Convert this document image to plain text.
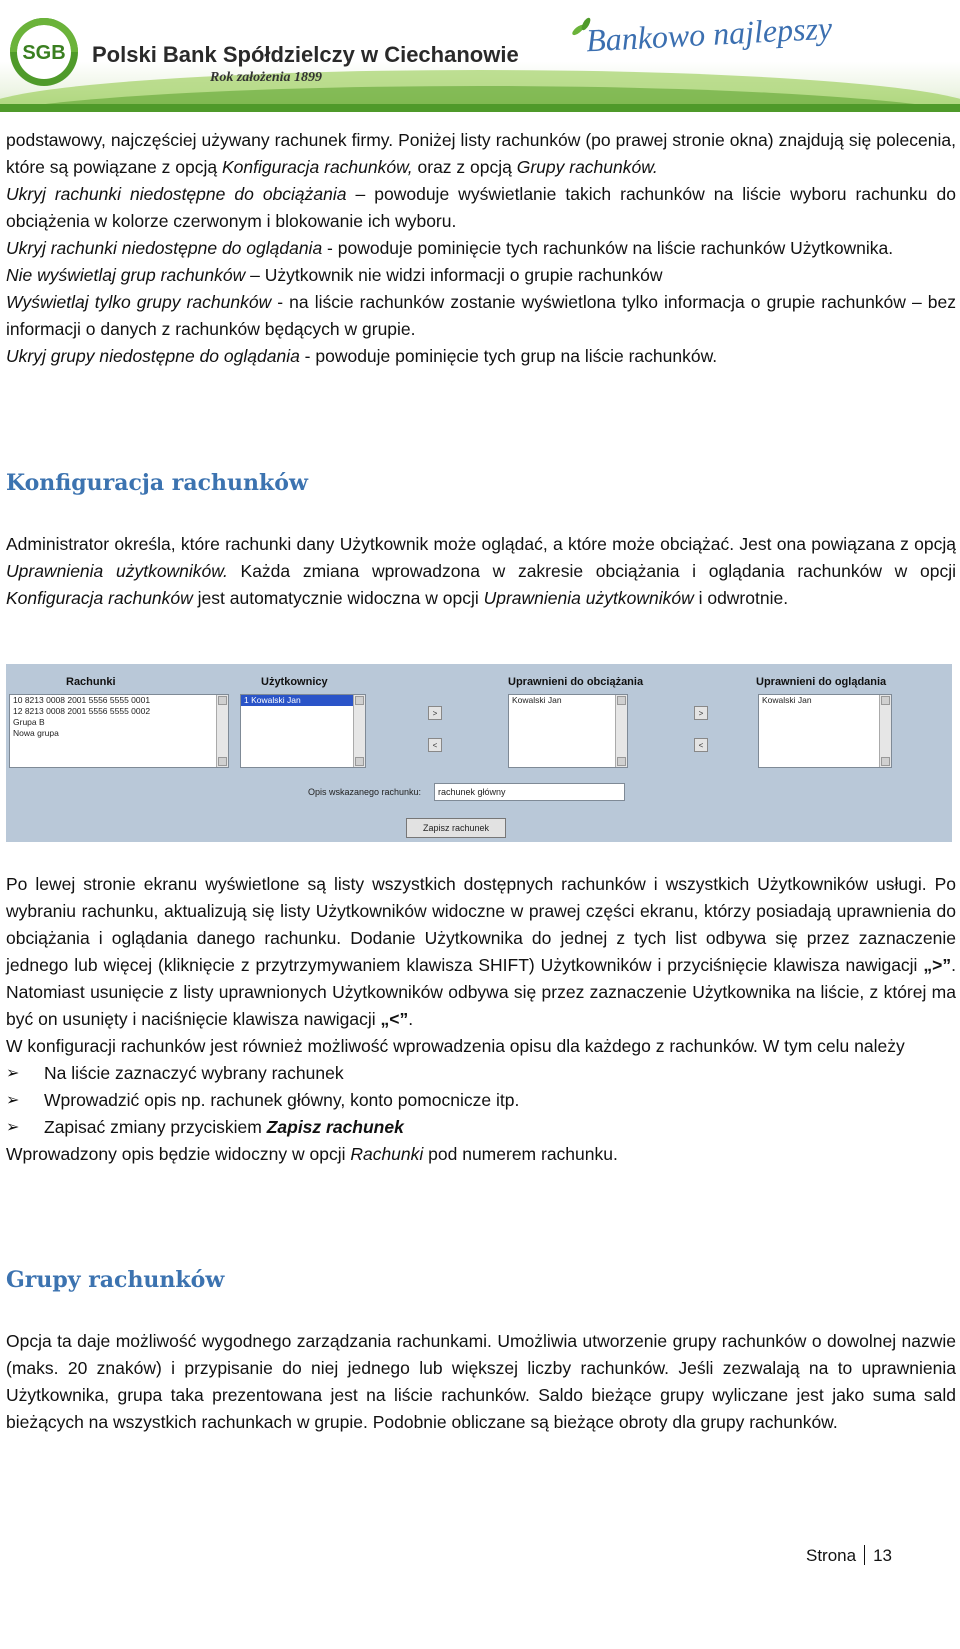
SGB Polski Bank Spółdzielczy w Ciechanowie
Rok założenia 1899
Bankowo najlepszy

podstawowy, najczęściej używany rachunek firmy. Poniżej listy rachunków (po prawej stronie okna) znajdują się polecenia, które są powiązane z opcją Konfiguracja rachunków, oraz z opcją Grupy rachunków.

Ukryj rachunki niedostępne do obciążania – powoduje wyświetlanie takich rachunków na liście wyboru rachunku do obciążenia w kolorze czerwonym i blokowanie ich wyboru.

Ukryj rachunki niedostępne do oglądania - powoduje pominięcie tych rachunków na liście rachunków Użytkownika.

Nie wyświetlaj grup rachunków – Użytkownik nie widzi informacji o grupie rachunków

Wyświetlaj tylko grupy rachunków - na liście rachunków zostanie wyświetlona tylko informacja o grupie rachunków – bez informacji o danych z rachunków będących w grupie.

Ukryj grupy niedostępne do oglądania - powoduje pominięcie tych grup na liście rachunków.

Konfiguracja rachunków

Administrator określa, które rachunki dany Użytkownik może oglądać, a które może obciążać. Jest ona powiązana z opcją Uprawnienia użytkowników. Każda zmiana wprowadzona w zakresie obciążania i oglądania rachunków w opcji Konfiguracja rachunków jest automatycznie widoczna w opcji Uprawnienia użytkowników i odwrotnie.

Rachunki	Użytkownicy	Uprawnieni do obciążania	Uprawnieni do oglądania
10 8213 0008 2001 5556 5555 0001
12 8213 0008 2001 5556 5555 0002
Grupa B
Nowa grupa
1 Kowalski Jan
>
<
Kowalski Jan
>
<
Kowalski Jan
Opis wskazanego rachunku:	rachunek główny
Zapisz rachunek

Po lewej stronie ekranu wyświetlone są listy wszystkich dostępnych rachunków i wszystkich Użytkowników usługi. Po wybraniu rachunku, aktualizują się listy Użytkowników widoczne w prawej części ekranu, którzy posiadają uprawnienia do obciążania i oglądania danego rachunku. Dodanie Użytkownika do jednej z tych list odbywa się przez zaznaczenie jednego lub więcej (kliknięcie z przytrzymywaniem klawisza SHIFT) Użytkowników i przyciśnięcie klawisza nawigacji „>”. Natomiast usunięcie z listy uprawnionych Użytkowników odbywa się przez zaznaczenie Użytkownika na liście, z której ma być on usunięty i naciśnięcie klawisza nawigacji „<”.

W konfiguracji rachunków jest również możliwość wprowadzenia opisu dla każdego z rachunków. W tym celu należy

➢ Na liście zaznaczyć wybrany rachunek
➢ Wprowadzić opis np. rachunek główny, konto pomocnicze itp.
➢ Zapisać zmiany przyciskiem Zapisz rachunek

Wprowadzony opis będzie widoczny w opcji Rachunki pod numerem rachunku.

Grupy rachunków

Opcja ta daje możliwość wygodnego zarządzania rachunkami. Umożliwia utworzenie grupy rachunków o dowolnej nazwie (maks. 20 znaków) i przypisanie do niej jednego lub większej liczby rachunków. Jeśli zezwalają na to uprawnienia Użytkownika, grupa taka prezentowana jest na liście rachunków. Saldo bieżące grupy wyliczane jest jako suma sald bieżących na wszystkich rachunkach w grupie. Podobnie obliczane są bieżące obroty dla grupy rachunków.

Strona 13
